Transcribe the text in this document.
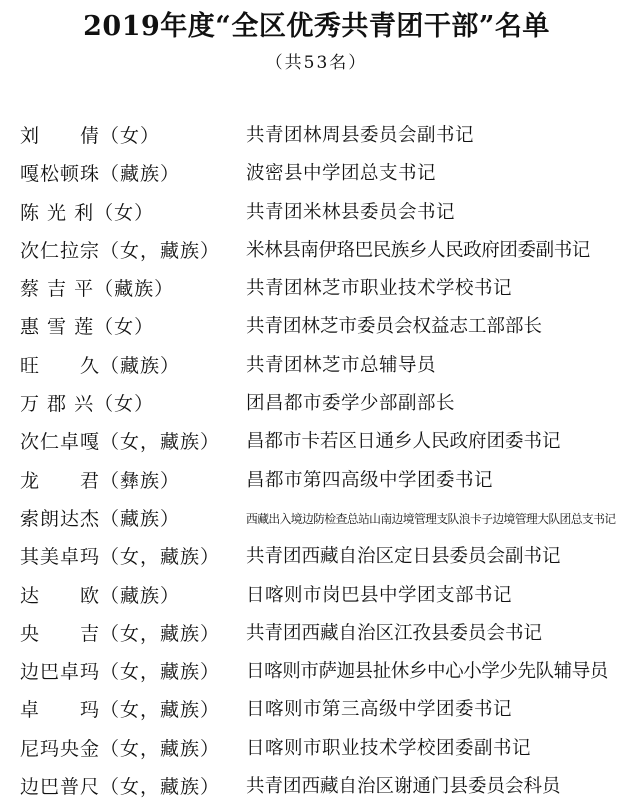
2019年度“全区优秀共青团干部”名单
（共53名）
刘　　倩（女）	共青团林周县委员会副书记
嘎松顿珠（藏族）	波密县中学团总支书记
陈 光 利（女）	共青团米林县委员会书记
次仁拉宗（女，藏族） 米林县南伊珞巴民族乡人民政府团委副书记
蔡 吉 平（藏族）	共青团林芝市职业技术学校书记
惠 雪 莲（女）	共青团林芝市委员会权益志工部部长
旺　　久（藏族）	共青团林芝市总辅导员
万 郡 兴（女）	团昌都市委学少部副部长
次仁卓嘎（女，藏族） 昌都市卡若区日通乡人民政府团委书记
龙　　君（彝族）	昌都市第四高级中学团委书记
索朗达杰（藏族）	西藏出入境边防检查总站山南边境管理支队浪卡子边境管理大队团总支书记
其美卓玛（女，藏族） 共青团西藏自治区定日县委员会副书记
达　　欧（藏族）	日喀则市岗巴县中学团支部书记
央　　吉（女，藏族） 共青团西藏自治区江孜县委员会书记
边巴卓玛（女，藏族） 日喀则市萨迦县扯休乡中心小学少先队辅导员
卓　　玛（女，藏族） 日喀则市第三高级中学团委书记
尼玛央金（女，藏族） 日喀则市职业技术学校团委副书记
边巴普尺（女，藏族） 共青团西藏自治区谢通门县委员会科员
